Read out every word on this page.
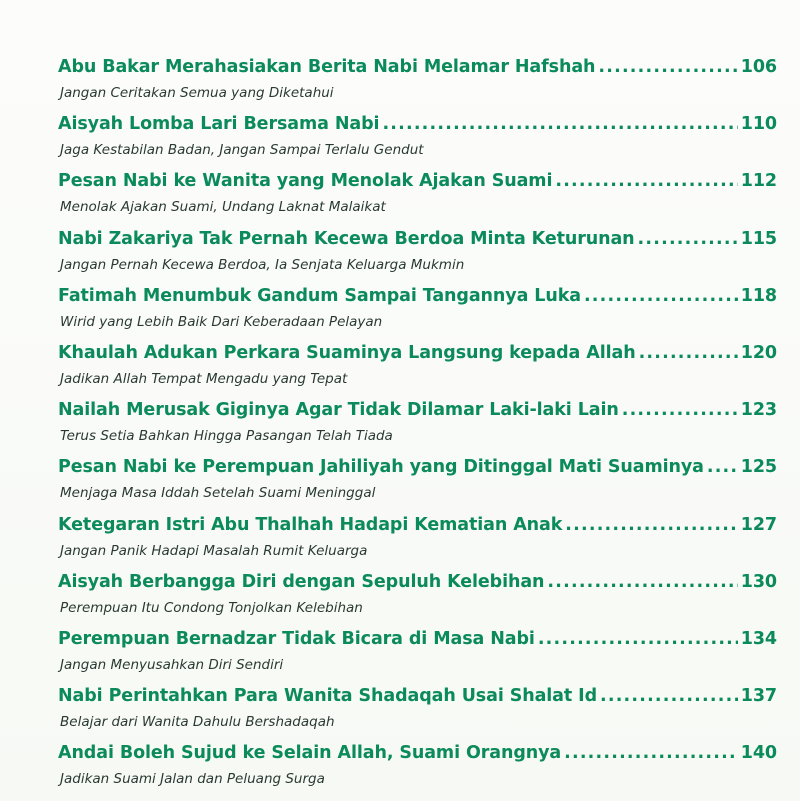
Abu Bakar Merahasiakan Berita Nabi Melamar Hafshah .....	106
Jangan Ceritakan Semua yang Diketahui
Aisyah Lomba Lari Bersama Nabi .....	110
Jaga Kestabilan Badan, Jangan Sampai Terlalu Gendut
Pesan Nabi ke Wanita yang Menolak Ajakan Suami .....	112
Menolak Ajakan Suami, Undang Laknat Malaikat
Nabi Zakariya Tak Pernah Kecewa Berdoa Minta Keturunan .....	115
Jangan Pernah Kecewa Berdoa, Ia Senjata Keluarga Mukmin
Fatimah Menumbuk Gandum Sampai Tangannya Luka .....	118
Wirid yang Lebih Baik Dari Keberadaan Pelayan
Khaulah Adukan Perkara Suaminya Langsung kepada Allah .....	120
Jadikan Allah Tempat Mengadu yang Tepat
Nailah Merusak Giginya Agar Tidak Dilamar Laki-laki Lain .....	123
Terus Setia Bahkan Hingga Pasangan Telah Tiada
Pesan Nabi ke Perempuan Jahiliyah yang Ditinggal Mati Suaminya ..... 125
Menjaga Masa Iddah Setelah Suami Meninggal
Ketegaran Istri Abu Thalhah Hadapi Kematian Anak .....	127
Jangan Panik Hadapi Masalah Rumit Keluarga
Aisyah Berbangga Diri dengan Sepuluh Kelebihan .....	130
Perempuan Itu Condong Tonjolkan Kelebihan
Perempuan Bernadzar Tidak Bicara di Masa Nabi .....	134
Jangan Menyusahkan Diri Sendiri
Nabi Perintahkan Para Wanita Shadaqah Usai Shalat Id .....	137
Belajar dari Wanita Dahulu Bershadaqah
Andai Boleh Sujud ke Selain Allah, Suami Orangnya .....	140
Jadikan Suami Jalan dan Peluang Surga
